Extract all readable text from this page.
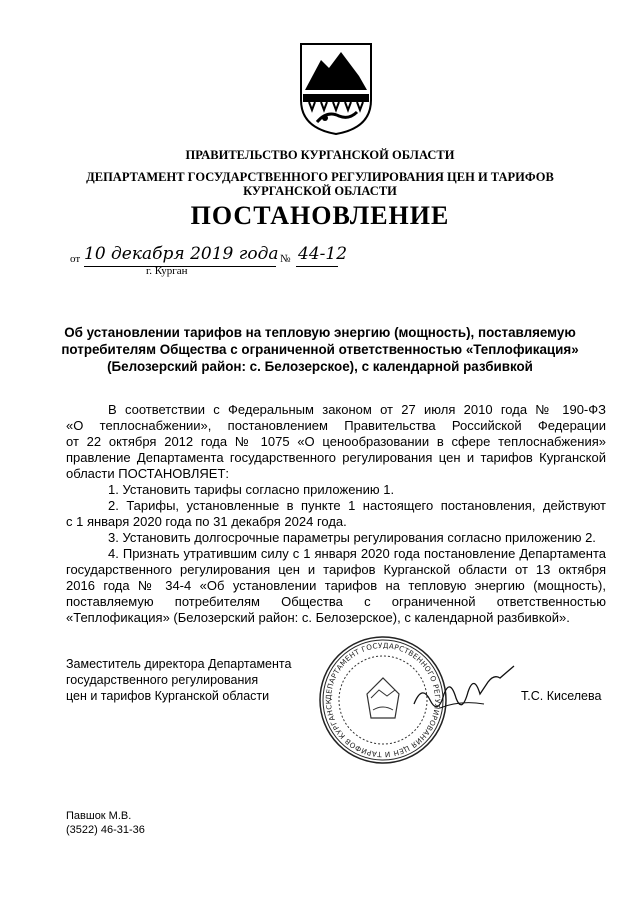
ПРАВИТЕЛЬСТВО КУРГАНСКОЙ ОБЛАСТИ
ДЕПАРТАМЕНТ ГОСУДАРСТВЕННОГО РЕГУЛИРОВАНИЯ ЦЕН И ТАРИФОВ
КУРГАНСКОЙ ОБЛАСТИ
ПОСТАНОВЛЕНИЕ
от 10 декабря 2019 года № 44-12
г. Курган
Об установлении тарифов на тепловую энергию (мощность), поставляемую
потребителям Общества с ограниченной ответственностью «Теплофикация»
(Белозерский район: с. Белозерское), с календарной разбивкой
В соответствии с Федеральным законом от 27 июля 2010 года № 190-ФЗ
«О теплоснабжении», постановлением Правительства Российской Федерации
от 22 октября 2012 года № 1075 «О ценообразовании в сфере теплоснабжения»
правление Департамента государственного регулирования цен и тарифов Курганской
области ПОСТАНОВЛЯЕТ:
1. Установить тарифы согласно приложению 1.
2. Тарифы, установленные в пункте 1 настоящего постановления, действуют
с 1 января 2020 года по 31 декабря 2024 года.
3. Установить долгосрочные параметры регулирования согласно приложению 2.
4. Признать утратившим силу с 1 января 2020 года постановление Департамента
государственного регулирования цен и тарифов Курганской области от 13 октября
2016 года № 34-4 «Об установлении тарифов на тепловую энергию (мощность),
поставляемую потребителям Общества с ограниченной ответственностью
«Теплофикация» (Белозерский район: с. Белозерское), с календарной разбивкой».
ДЕПАРТАМЕНТ ГОСУДАРСТВЕННОГО РЕГУЛИРОВАНИЯ ЦЕН И ТАРИФОВ КУРГАНСК
Заместитель директора Департамента
государственного регулирования
цен и тарифов Курганской области	Т.С. Киселева
Павшок М.В.
(3522) 46-31-36
